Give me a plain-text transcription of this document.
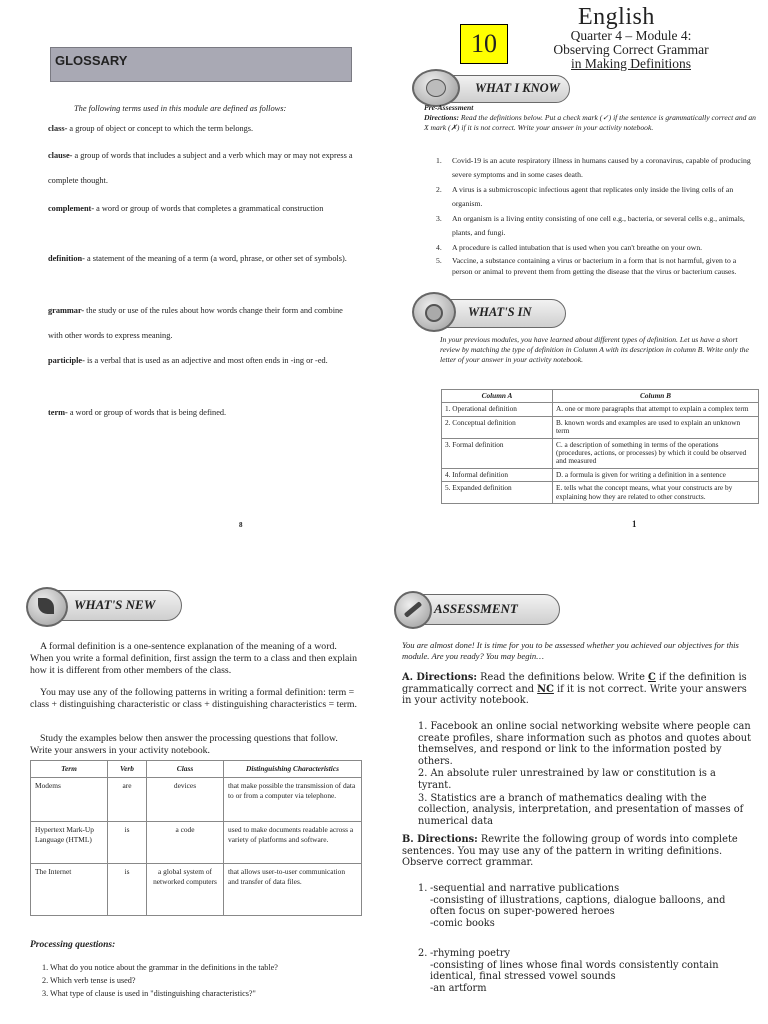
English
10	Quarter 4 – Module 4:
Observing Correct Grammar
in Making Definitions
GLOSSARY
The following terms used in this module are defined as follows:
class- a group of object or concept to which the term belongs.
clause- a group of words that includes a subject and a verb which may or may not express a complete thought.
complement- a word or group of words that completes a grammatical construction
definition- a statement of the meaning of a term (a word, phrase, or other set of symbols).
grammar- the study or use of the rules about how words change their form and combine with other words to express meaning.
participle- is a verbal that is used as an adjective and most often ends in -ing or -ed.
term- a word or group of words that is being defined.
8
WHAT I KNOW
Pre-Assessment
Directions: Read the definitions below. Put a check mark (✓) if the sentence is grammatically correct and an X mark (✗) if it is not correct. Write your answer in your activity notebook.
1.	Covid-19 is an acute respiratory illness in humans caused by a coronavirus, capable of producing severe symptoms and in some cases death.
2.	A virus is a submicroscopic infectious agent that replicates only inside the living cells of an organism.
3.	An organism is a living entity consisting of one cell e.g., bacteria, or several cells e.g., animals, plants, and fungi.
4.	A procedure is called intubation that is used when you can't breathe on your own.
5.	Vaccine, a substance containing a virus or bacterium in a form that is not harmful, given to a person or animal to prevent them from getting the disease that the virus or bacterium causes.
WHAT'S IN
In your previous modules, you have learned about different types of definition. Let us have a short review by matching the type of definition in Column A with its description in column B. Write only the letter of your answer in your activity notebook.
Column A	Column B
1. Operational definition	A. one or more paragraphs that attempt to explain a complex term
2. Conceptual definition	B. known words and examples are used to explain an unknown term
3. Formal definition	C. a description of something in terms of the operations (procedures, actions, or processes) by which it could be observed and measured
4. Informal definition	D. a formula is given for writing a definition in a sentence
5. Expanded definition	E. tells what the concept means, what your constructs are by explaining how they are related to other constructs.
1
WHAT'S NEW
A formal definition is a one-sentence explanation of the meaning of a word. When you write a formal definition, first assign the term to a class and then explain how it is different from other members of the class.
You may use any of the following patterns in writing a formal definition: term = class + distinguishing characteristic or class + distinguishing characteristics = term.
Study the examples below then answer the processing questions that follow. Write your answers in your activity notebook.
Term	Verb	Class	Distinguishing Characteristics
Modems	are	devices	that make possible the transmission of data to or from a computer via telephone.
Hypertext Mark-Up Language (HTML)	is	a code	used to make documents readable across a variety of platforms and software.
The Internet	is	a global system of networked computers	that allows user-to-user communication and transfer of data files.
Processing questions:
1. What do you notice about the grammar in the definitions in the table?
2. Which verb tense is used?
3. What type of clause is used in "distinguishing characteristics?"
ASSESSMENT
You are almost done! It is time for you to be assessed whether you achieved our objectives for this module. Are you ready? You may begin…
A. Directions: Read the definitions below. Write C if the definition is grammatically correct and NC if it is not correct. Write your answers in your activity notebook.
1. Facebook an online social networking website where people can create profiles, share information such as photos and quotes about themselves, and respond or link to the information posted by others.
2. An absolute ruler unrestrained by law or constitution is a tyrant.
3. Statistics are a branch of mathematics dealing with the collection, analysis, interpretation, and presentation of masses of numerical data
B. Directions: Rewrite the following group of words into complete sentences. You may use any of the pattern in writing definitions. Observe correct grammar.
1. -sequential and narrative publications
-consisting of illustrations, captions, dialogue balloons, and often focus on super-powered heroes
-comic books
2. -rhyming poetry
-consisting of lines whose final words consistently contain identical, final stressed vowel sounds
-an artform
